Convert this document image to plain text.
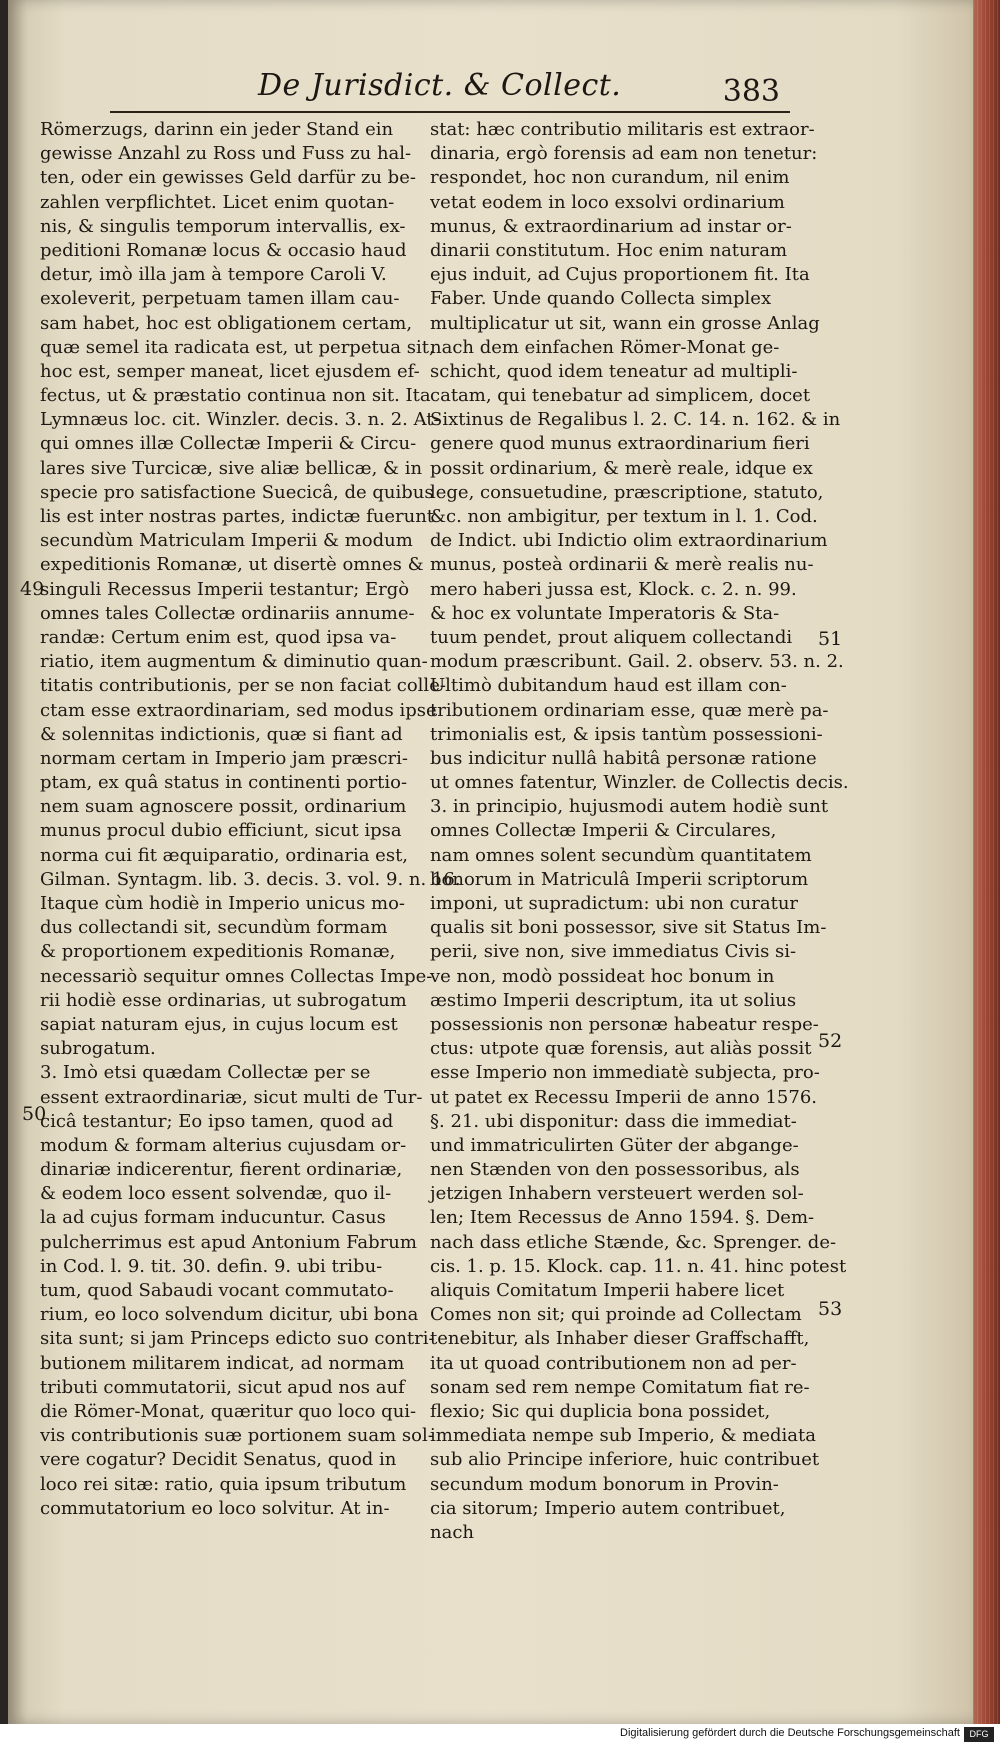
De Jurisdict. & Collect.	383
Römerzugs, darinn ein jeder Stand ein
gewisse Anzahl zu Ross und Fuss zu hal-
ten, oder ein gewisses Geld darfür zu be-
zahlen verpflichtet. Licet enim quotan-
nis, & singulis temporum intervallis, ex-
peditioni Romanæ locus & occasio haud
detur, imò illa jam à tempore Caroli V.
exoleverit, perpetuam tamen illam cau-
sam habet, hoc est obligationem certam,
quæ semel ita radicata est, ut perpetua sit,
hoc est, semper maneat, licet ejusdem ef-
fectus, ut & præstatio continua non sit. Ita
Lymnæus loc. cit. Winzler. decis. 3. n. 2. At-
qui omnes illæ Collectæ Imperii & Circu-
lares sive Turcicæ, sive aliæ bellicæ, & in
specie pro satisfactione Suecicâ, de quibus
lis est inter nostras partes, indictæ fuerunt
secundùm Matriculam Imperii & modum
expeditionis Romanæ, ut disertè omnes &
singuli Recessus Imperii testantur; Ergò
omnes tales Collectæ ordinariis annume-
randæ: Certum enim est, quod ipsa va-
riatio, item augmentum & diminutio quan-
titatis contributionis, per se non faciat colle-
ctam esse extraordinariam, sed modus ipse
& solennitas indictionis, quæ si fiant ad
normam certam in Imperio jam præscri-
ptam, ex quâ status in continenti portio-
nem suam agnoscere possit, ordinarium
munus procul dubio efficiunt, sicut ipsa
norma cui fit æquiparatio, ordinaria est,
Gilman. Syntagm. lib. 3. decis. 3. vol. 9. n. 16.
Itaque cùm hodiè in Imperio unicus mo-
dus collectandi sit, secundùm formam
& proportionem expeditionis Romanæ,
necessariò sequitur omnes Collectas Impe-
rii hodiè esse ordinarias, ut subrogatum
sapiat naturam ejus, in cujus locum est
subrogatum.
3. Imò etsi quædam Collectæ per se
essent extraordinariæ, sicut multi de Tur-
cicâ testantur; Eo ipso tamen, quod ad
modum & formam alterius cujusdam or-
dinariæ indicerentur, fierent ordinariæ,
& eodem loco essent solvendæ, quo il-
la ad cujus formam inducuntur. Casus
pulcherrimus est apud Antonium Fabrum
in Cod. l. 9. tit. 30. defin. 9. ubi tribu-
tum, quod Sabaudi vocant commutato-
rium, eo loco solvendum dicitur, ubi bona
sita sunt; si jam Princeps edicto suo contri-
butionem militarem indicat, ad normam
tributi commutatorii, sicut apud nos auf
die Römer-Monat, quæritur quo loco qui-
vis contributionis suæ portionem suam sol-
vere cogatur? Decidit Senatus, quod in
loco rei sitæ: ratio, quia ipsum tributum
commutatorium eo loco solvitur. At in-
stat: hæc contributio militaris est extraor-
dinaria, ergò forensis ad eam non tenetur:
respondet, hoc non curandum, nil enim
vetat eodem in loco exsolvi ordinarium
munus, & extraordinarium ad instar or-
dinarii constitutum. Hoc enim naturam
ejus induit, ad Cujus proportionem fit. Ita
Faber. Unde quando Collecta simplex
multiplicatur ut sit, wann ein grosse Anlag
nach dem einfachen Römer-Monat ge-
schicht, quod idem teneatur ad multipli-
catam, qui tenebatur ad simplicem, docet
Sixtinus de Regalibus l. 2. C. 14. n. 162. & in
genere quod munus extraordinarium fieri
possit ordinarium, & merè reale, idque ex
lege, consuetudine, præscriptione, statuto,
&c. non ambigitur, per textum in l. 1. Cod.
de Indict. ubi Indictio olim extraordinarium
munus, posteà ordinarii & merè realis nu-
mero haberi jussa est, Klock. c. 2. n. 99.
& hoc ex voluntate Imperatoris & Sta-
tuum pendet, prout aliquem collectandi
modum præscribunt. Gail. 2. observ. 53. n. 2.
Ultimò dubitandum haud est illam con-
tributionem ordinariam esse, quæ merè pa-
trimonialis est, & ipsis tantùm possessioni-
bus indicitur nullâ habitâ personæ ratione
ut omnes fatentur, Winzler. de Collectis decis.
3. in principio, hujusmodi autem hodiè sunt
omnes Collectæ Imperii & Circulares,
nam omnes solent secundùm quantitatem
bonorum in Matriculâ Imperii scriptorum
imponi, ut supradictum: ubi non curatur
qualis sit boni possessor, sive sit Status Im-
perii, sive non, sive immediatus Civis si-
ve non, modò possideat hoc bonum in
æstimo Imperii descriptum, ita ut solius
possessionis non personæ habeatur respe-
ctus: utpote quæ forensis, aut aliàs possit
esse Imperio non immediatè subjecta, pro-
ut patet ex Recessu Imperii de anno 1576.
§. 21. ubi disponitur: dass die immediat-
und immatriculirten Güter der abgange-
nen Stænden von den possessoribus, als
jetzigen Inhabern versteuert werden sol-
len; Item Recessus de Anno 1594. §. Dem-
nach dass etliche Stænde, &c. Sprenger. de-
cis. 1. p. 15. Klock. cap. 11. n. 41. hinc potest
aliquis Comitatum Imperii habere licet
Comes non sit; qui proinde ad Collectam
tenebitur, als Inhaber dieser Graffschafft,
ita ut quoad contributionem non ad per-
sonam sed rem nempe Comitatum fiat re-
flexio; Sic qui duplicia bona possidet,
immediata nempe sub Imperio, & mediata
sub alio Principe inferiore, huic contribuet
secundum modum bonorum in Provin-
cia sitorum; Imperio autem contribuet,
nach
49
50
51
52
53
Digitalisierung gefördert durch die Deutsche Forschungsgemeinschaft	DFG
